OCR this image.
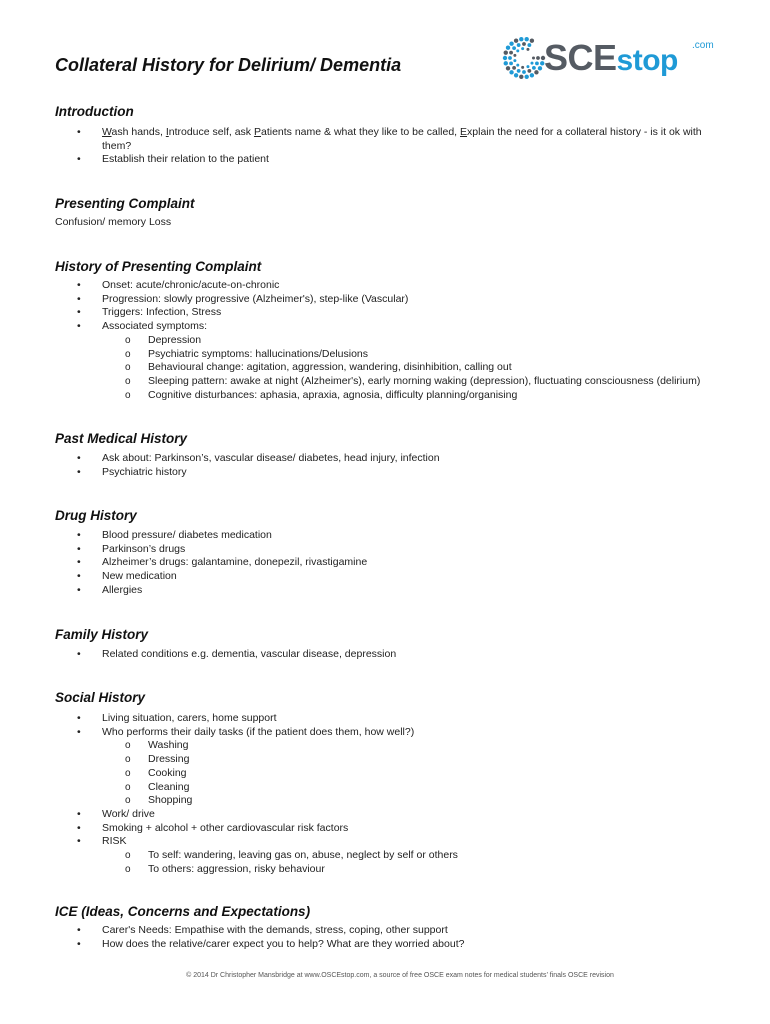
Collateral History for Delirium/ Dementia	SCEstop .com
Introduction
• Wash hands, Introduce self, ask Patients name & what they like to be called, Explain the need for a collateral history - is it ok with
them?
• Establish their relation to the patient
Presenting Complaint
Confusion/ memory Loss
History of Presenting Complaint
• Onset: acute/chronic/acute-on-chronic
• Progression: slowly progressive (Alzheimer's), step-like (Vascular)
• Triggers: Infection, Stress
• Associated symptoms:
o Depression
o Psychiatric symptoms: hallucinations/Delusions
o Behavioural change: agitation, aggression, wandering, disinhibition, calling out
o Sleeping pattern: awake at night (Alzheimer's), early morning waking (depression), fluctuating consciousness (delirium)
o Cognitive disturbances: aphasia, apraxia, agnosia, difficulty planning/organising
Past Medical History
• Ask about: Parkinson’s, vascular disease/ diabetes, head injury, infection
• Psychiatric history
Drug History
• Blood pressure/ diabetes medication
• Parkinson’s drugs
• Alzheimer’s drugs: galantamine, donepezil, rivastigamine
• New medication
• Allergies
Family History
• Related conditions e.g. dementia, vascular disease, depression
Social History
• Living situation, carers, home support
• Who performs their daily tasks (if the patient does them, how well?)
o Washing
o Dressing
o Cooking
o Cleaning
o Shopping
• Work/ drive
• Smoking + alcohol + other cardiovascular risk factors
• RISK
o To self: wandering, leaving gas on, abuse, neglect by self or others
o To others: aggression, risky behaviour
ICE (Ideas, Concerns and Expectations)
• Carer's Needs: Empathise with the demands, stress, coping, other support
• How does the relative/carer expect you to help? What are they worried about?
© 2014 Dr Christopher Mansbridge at www.OSCEstop.com, a source of free OSCE exam notes for medical students’ finals OSCE revision
